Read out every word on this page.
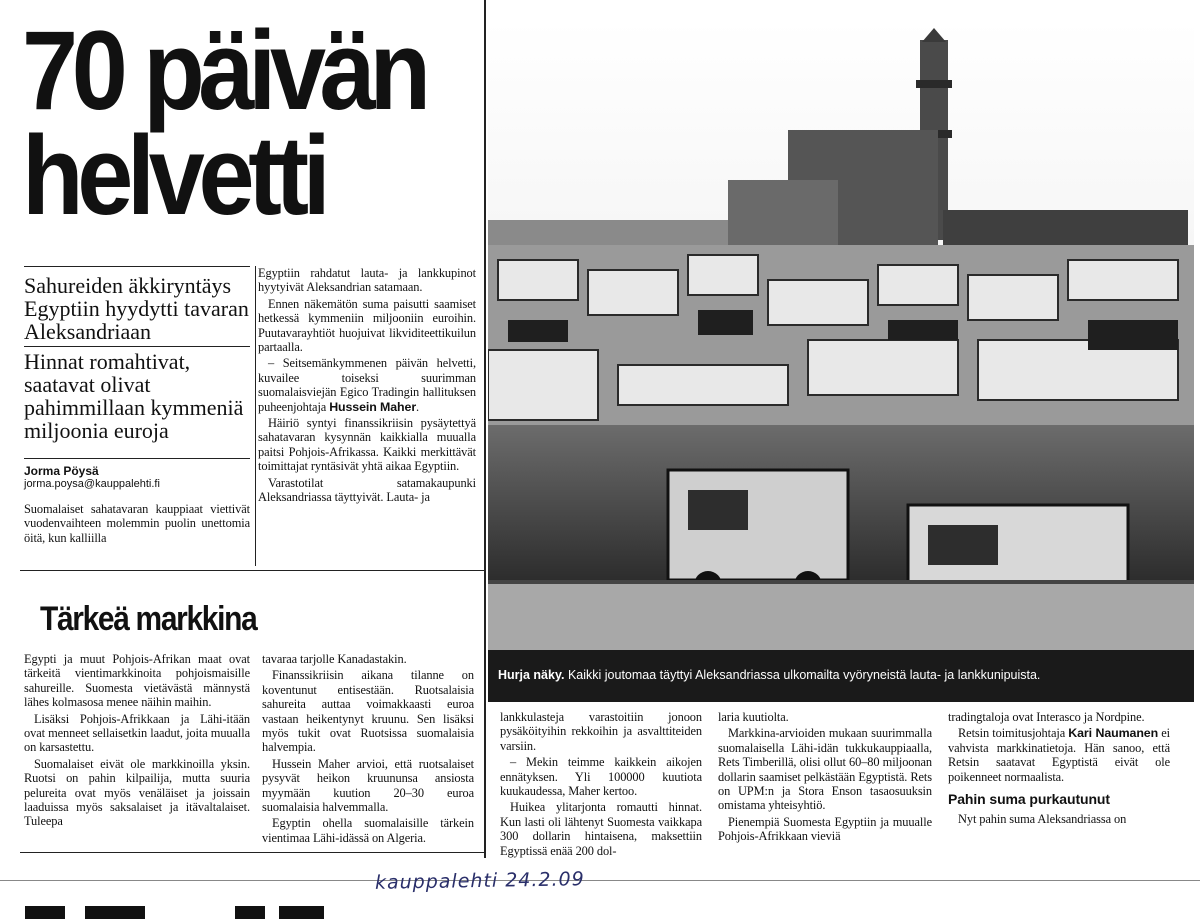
70 päivän
helvetti
Sahureiden äkkiryntäys Egyptiin hyydytti tavaran Aleksandriaan
Hinnat romahtivat, saatavat olivat pahimmillaan kymmeniä miljoonia euroja
Jorma Pöysä
jorma.poysa@kauppalehti.fi

Suomalaiset sahatavaran kauppiaat viettivät vuodenvaihteen molemmin puolin unettomia öitä, kun kalliilla

Egyptiin rahdatut lauta- ja lankkupinot hyytyivät Aleksandrian satamaan.

Ennen näkemätön suma paisutti saamiset hetkessä kymmeniin miljooniin euroihin. Puutavarayhtiöt huojuivat likviditeettikuilun partaalla.

– Seitsemänkymmenen päivän helvetti, kuvailee toiseksi suurimman suomalaisviejän Egico Tradingin hallituksen puheenjohtaja Hussein Maher.

Häiriö syntyi finanssikriisin pysäytettyä sahatavaran kysynnän kaikkialla muualla paitsi Pohjois-Afrikassa. Kaikki merkittävät toimittajat ryntäsivät yhtä aikaa Egyptiin.

Varastotilat satamakaupunki Aleksandriassa täyttyivät. Lauta- ja

Tärkeä markkina

Egypti ja muut Pohjois-Afrikan maat ovat tärkeitä vientimarkkinoita pohjoismaisille sahureille. Suomesta vietävästä männystä lähes kolmasosa menee näihin maihin.

Lisäksi Pohjois-Afrikkaan ja Lähi-itään ovat menneet sellaisetkin laadut, joita muualla on karsastettu.

Suomalaiset eivät ole markkinoilla yksin. Ruotsi on pahin kilpailija, mutta suuria pelureita ovat myös venäläiset ja joissain laaduissa myös saksalaiset ja itävaltalaiset. Tuleepa

tavaraa tarjolle Kanadastakin.

Finanssikriisin aikana tilanne on koventunut entisestään. Ruotsalaisia sahureita auttaa voimakkaasti euroa vastaan heikentynyt kruunu. Sen lisäksi myös tukit ovat Ruotsissa suomalaisia halvempia.

Hussein Maher arvioi, että ruotsalaiset pysyvät heikon kruununsa ansiosta myymään kuution 20–30 euroa suomalaisia halvemmalla.

Egyptin ohella suomalaisille tärkein vientimaa Lähi-idässä on Algeria.

Hurja näky. Kaikki joutomaa täyttyi Aleksandriassa ulkomailta vyöryneistä lauta- ja lankkunipuista.

lankkulasteja varastoitiin jonoon pysäköityihin rekkoihin ja asvalttiteiden varsiin.

– Mekin teimme kaikkein aikojen ennätyksen. Yli 100000 kuutiota kuukaudessa, Maher kertoo.

Huikea ylitarjonta romautti hinnat. Kun lasti oli lähtenyt Suomesta vaikkapa 300 dollarin hintaisena, maksettiin Egyptissä enää 200 dol-

laria kuutiolta.

Markkina-arvioiden mukaan suurimmalla suomalaisella Lähi-idän tukkukauppiaalla, Rets Timberillä, olisi ollut 60–80 miljoonan dollarin saamiset pelkästään Egyptistä. Rets on UPM:n ja Stora Enson tasaosuuksin omistama yhteisyhtiö.

Pienempiä Suomesta Egyptiin ja muualle Pohjois-Afrikkaan vieviä

tradingtaloja ovat Interasco ja Nordpine.

Retsin toimitusjohtaja Kari Naumanen ei vahvista markkinatietoja. Hän sanoo, että Retsin saatavat Egyptistä eivät ole poikenneet normaalista.

Pahin suma purkautunut

Nyt pahin suma Aleksandriassa on

kauppalehti 24.2.09
